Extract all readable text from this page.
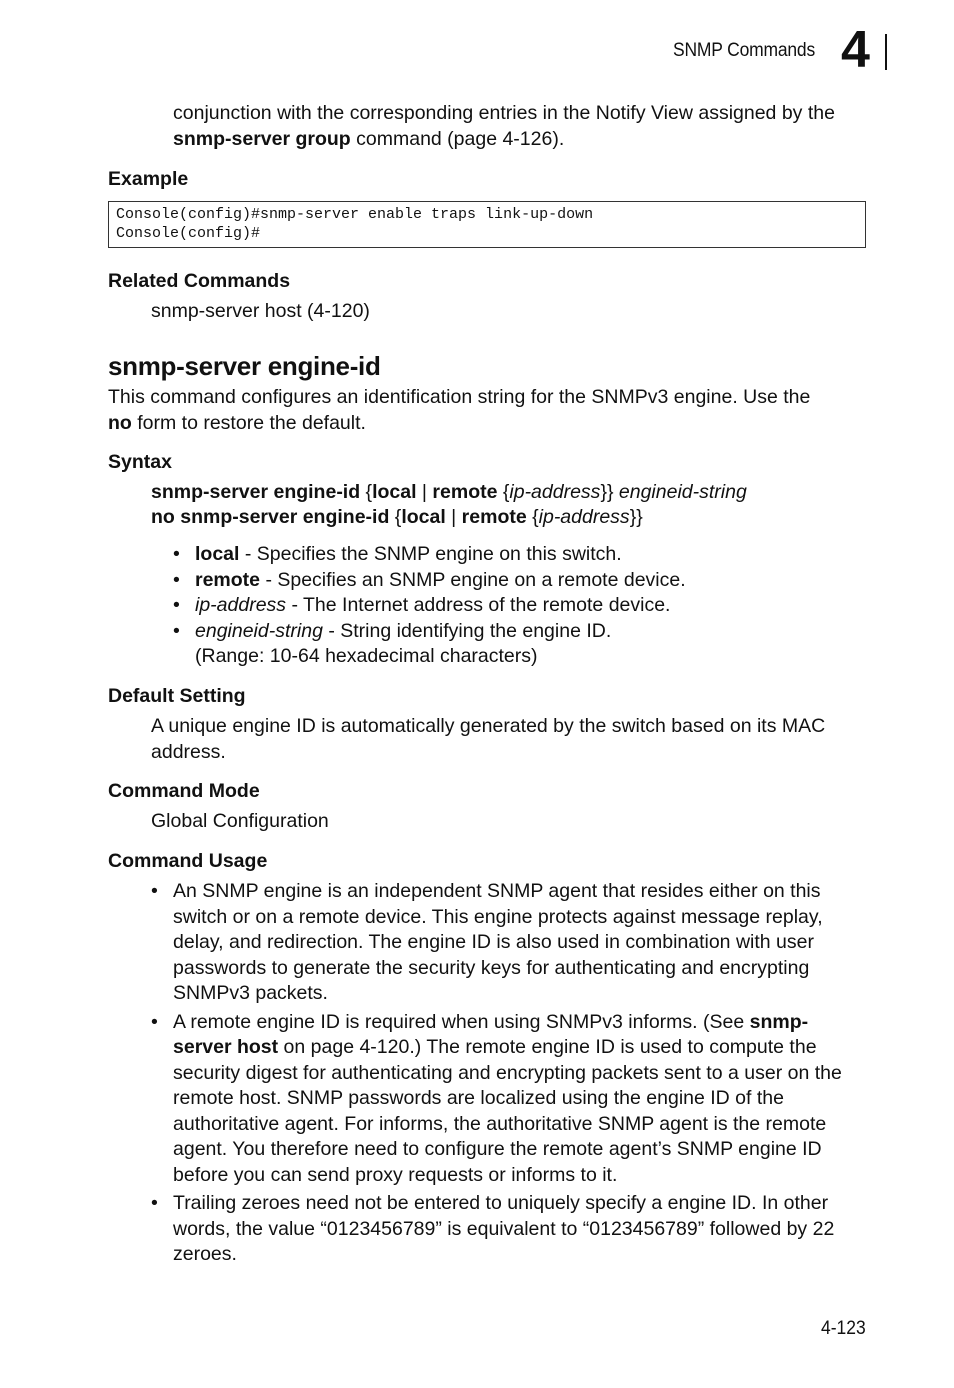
SNMP Commands 4
conjunction with the corresponding entries in the Notify View assigned by the
snmp-server group command (page 4-126).
Example
Console(config)#snmp-server enable traps link-up-down
Console(config)#
Related Commands
snmp-server host (4-120)
snmp-server engine-id
This command configures an identification string for the SNMPv3 engine. Use the
no form to restore the default.
Syntax
snmp-server engine-id {local | remote {ip-address}} engineid-string
no snmp-server engine-id {local | remote {ip-address}}
• local - Specifies the SNMP engine on this switch.
• remote - Specifies an SNMP engine on a remote device.
• ip-address - The Internet address of the remote device.
• engineid-string - String identifying the engine ID.
(Range: 10-64 hexadecimal characters)
Default Setting
A unique engine ID is automatically generated by the switch based on its MAC address.
Command Mode
Global Configuration
Command Usage
• An SNMP engine is an independent SNMP agent that resides either on this switch or on a remote device. This engine protects against message replay, delay, and redirection. The engine ID is also used in combination with user passwords to generate the security keys for authenticating and encrypting SNMPv3 packets.
• A remote engine ID is required when using SNMPv3 informs. (See snmp-server host on page 4-120.) The remote engine ID is used to compute the security digest for authenticating and encrypting packets sent to a user on the remote host. SNMP passwords are localized using the engine ID of the authoritative agent. For informs, the authoritative SNMP agent is the remote agent. You therefore need to configure the remote agent’s SNMP engine ID before you can send proxy requests or informs to it.
• Trailing zeroes need not be entered to uniquely specify a engine ID. In other words, the value “0123456789” is equivalent to “0123456789” followed by 22 zeroes.
4-123
